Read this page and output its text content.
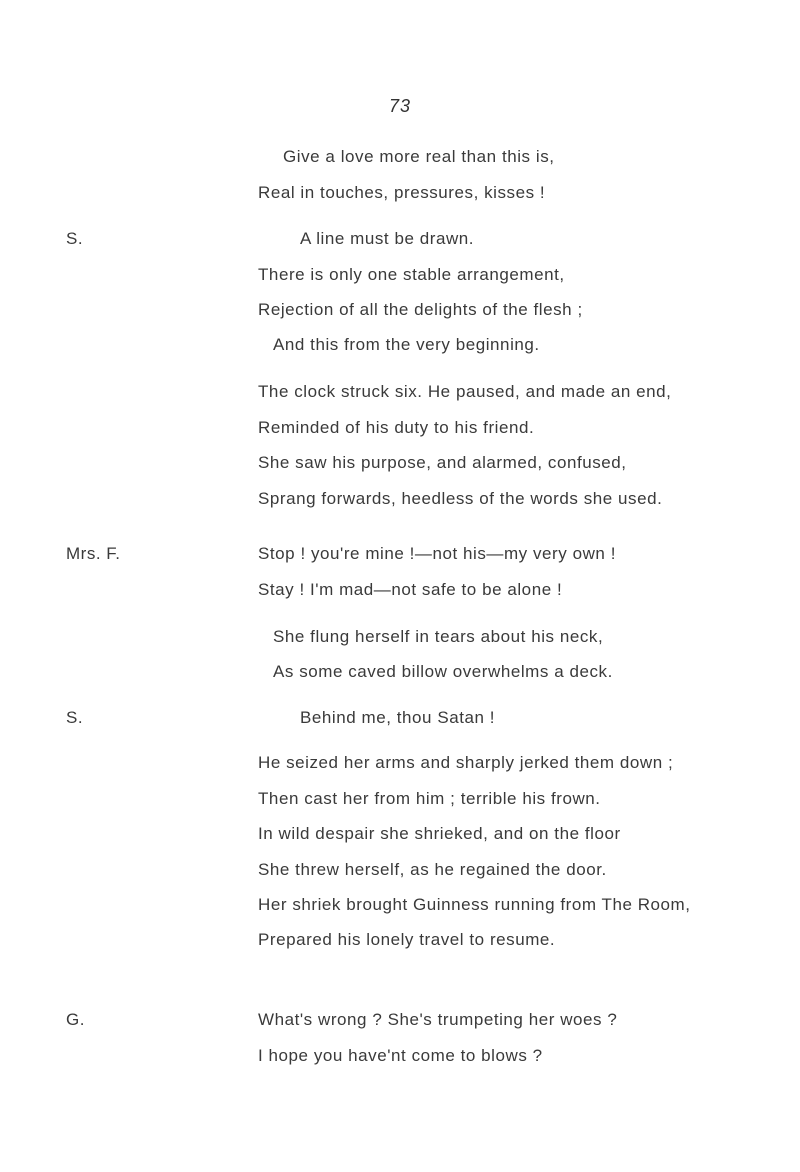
73
S.
Mrs. F.
S.
G.
Give a love more real than this is,
Real in touches, pressures, kisses !
A line must be drawn.
There is only one stable arrangement,
Rejection of all the delights of the flesh ;
And this from the very beginning.
The clock struck six. He paused, and made an end,
Reminded of his duty to his friend.
She saw his purpose, and alarmed, confused,
Sprang forwards, heedless of the words she used.
Stop ! you're mine !—not his—my very own !
Stay ! I'm mad—not safe to be alone !
She flung herself in tears about his neck,
As some caved billow overwhelms a deck.
Behind me, thou Satan !
He seized her arms and sharply jerked them down ;
Then cast her from him ; terrible his frown.
In wild despair she shrieked, and on the floor
She threw herself, as he regained the door.
Her shriek brought Guinness running from The Room,
Prepared his lonely travel to resume.
What's wrong ? She's trumpeting her woes ?
I hope you have'nt come to blows ?
